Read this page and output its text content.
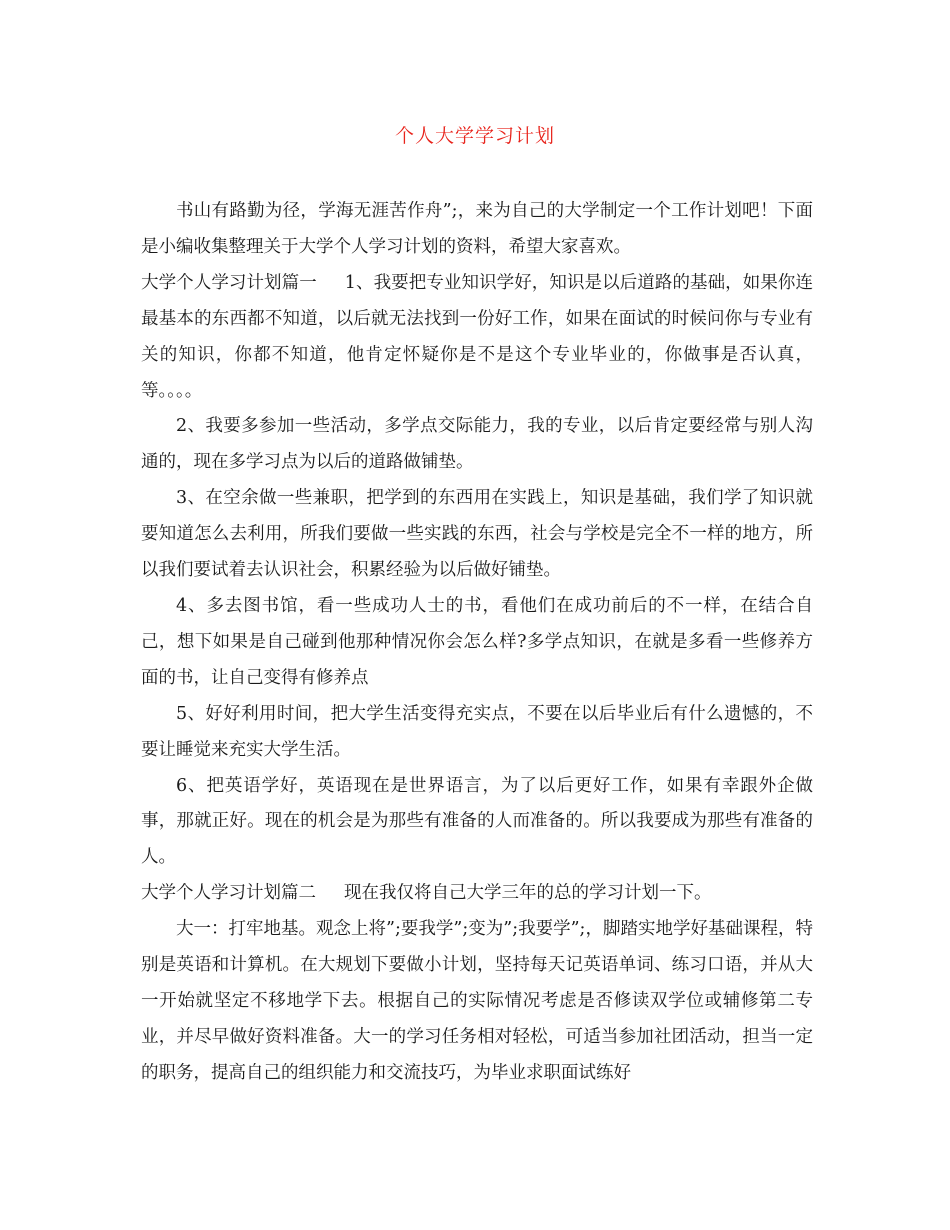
个人大学学习计划

书山有路勤为径，学海无涯苦作舟”;，来为自己的大学制定一个工作计划吧！下面是小编收集整理关于大学个人学习计划的资料，希望大家喜欢。

大学个人学习计划篇一 1、我要把专业知识学好，知识是以后道路的基础，如果你连最基本的东西都不知道，以后就无法找到一份好工作，如果在面试的时候问你与专业有关的知识，你都不知道，他肯定怀疑你是不是这个专业毕业的，你做事是否认真，等。。。。

2、我要多参加一些活动，多学点交际能力，我的专业，以后肯定要经常与别人沟通的，现在多学习点为以后的道路做铺垫。

3、在空余做一些兼职，把学到的东西用在实践上，知识是基础，我们学了知识就要知道怎么去利用，所我们要做一些实践的东西，社会与学校是完全不一样的地方，所以我们要试着去认识社会，积累经验为以后做好铺垫。

4、多去图书馆，看一些成功人士的书，看他们在成功前后的不一样，在结合自己，想下如果是自己碰到他那种情况你会怎么样?多学点知识，在就是多看一些修养方面的书，让自己变得有修养点

5、好好利用时间，把大学生活变得充实点，不要在以后毕业后有什么遗憾的，不要让睡觉来充实大学生活。

6、把英语学好，英语现在是世界语言，为了以后更好工作，如果有幸跟外企做事，那就正好。现在的机会是为那些有准备的人而准备的。所以我要成为那些有准备的人。

大学个人学习计划篇二 现在我仅将自己大学三年的总的学习计划一下。

大一：打牢地基。观念上将”;要我学”;变为”;我要学”;，脚踏实地学好基础课程，特别是英语和计算机。在大规划下要做小计划，坚持每天记英语单词、练习口语，并从大一开始就坚定不移地学下去。根据自己的实际情况考虑是否修读双学位或辅修第二专业，并尽早做好资料准备。大一的学习任务相对轻松，可适当参加社团活动，担当一定的职务，提高自己的组织能力和交流技巧，为毕业求职面试练好
